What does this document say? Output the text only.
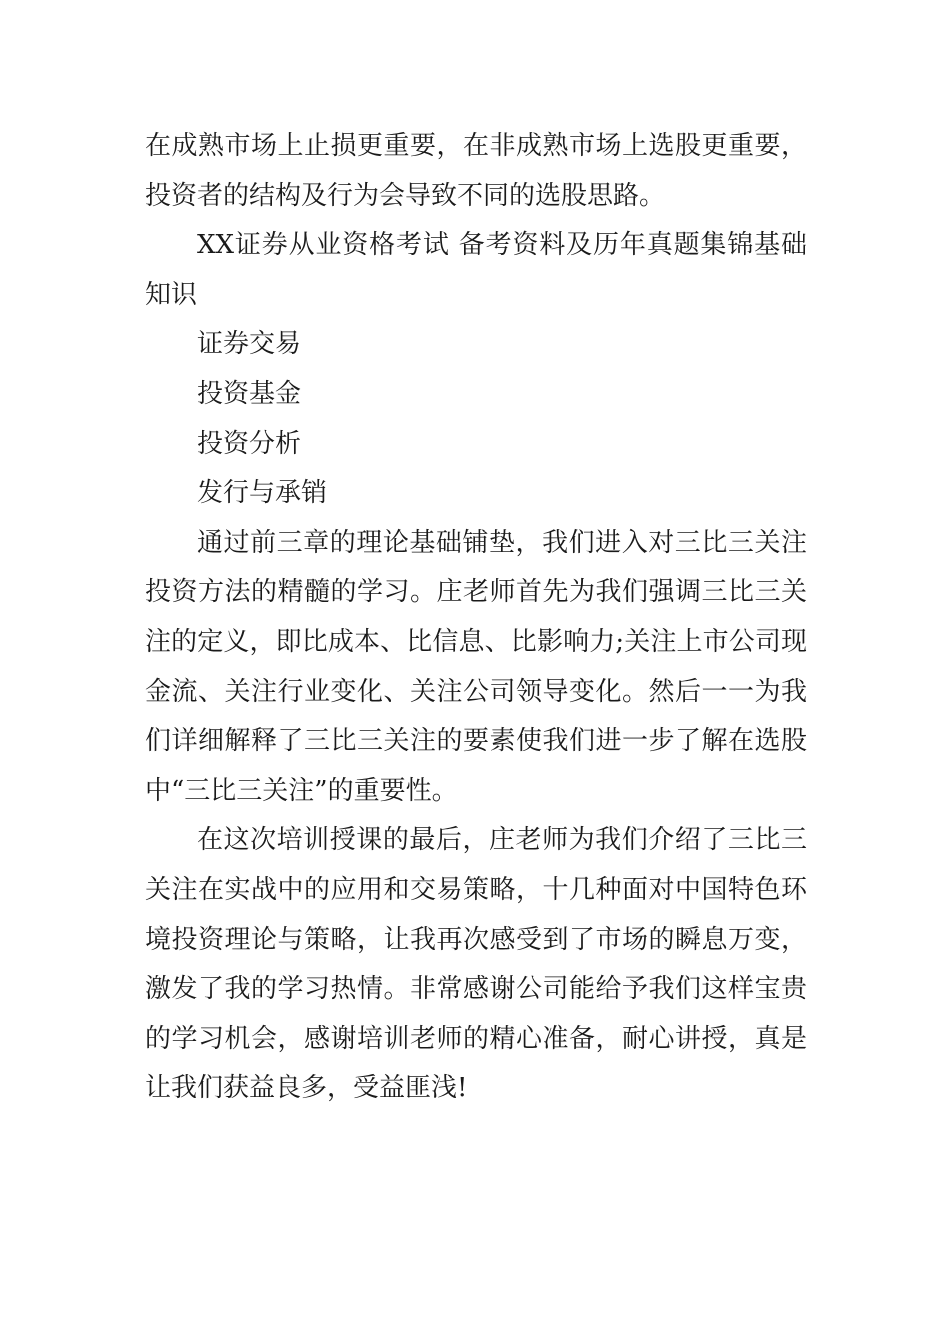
在成熟市场上止损更重要，在非成熟市场上选股更重要，投资者的结构及行为会导致不同的选股思路。

XX证券从业资格考试 备考资料及历年真题集锦基础知识

证券交易

投资基金

投资分析

发行与承销

通过前三章的理论基础铺垫，我们进入对三比三关注投资方法的精髓的学习。庄老师首先为我们强调三比三关注的定义，即比成本、比信息、比影响力;关注上市公司现金流、关注行业变化、关注公司领导变化。然后一一为我们详细解释了三比三关注的要素使我们进一步了解在选股中“三比三关注”的重要性。

在这次培训授课的最后，庄老师为我们介绍了三比三关注在实战中的应用和交易策略，十几种面对中国特色环境投资理论与策略，让我再次感受到了市场的瞬息万变，激发了我的学习热情。非常感谢公司能给予我们这样宝贵的学习机会，感谢培训老师的精心准备，耐心讲授，真是让我们获益良多，受益匪浅!
